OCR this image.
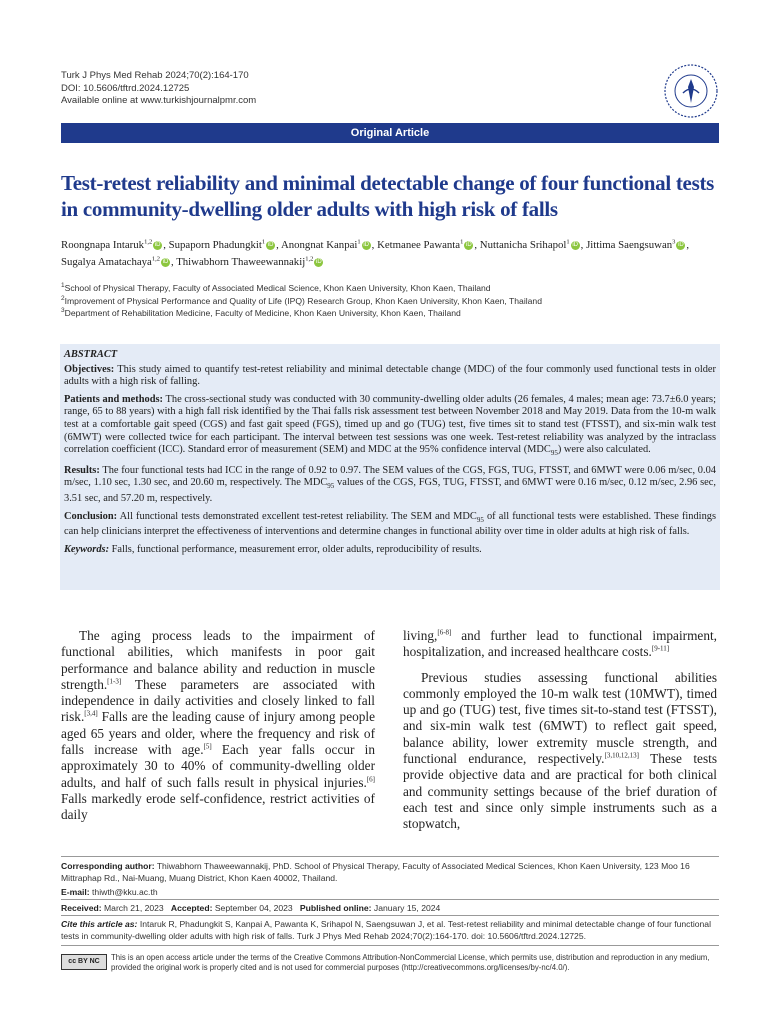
Turk J Phys Med Rehab 2024;70(2):164-170
DOI: 10.5606/tftrd.2024.12725
Available online at www.turkishjournalpmr.com
Original Article
Test-retest reliability and minimal detectable change of four functional tests in community-dwelling older adults with high risk of falls
Roongnapa Intaruk$^{1,2}$ iD , Supaporn Phadungkit$^1$ iD , Anongnat Kanpai$^1$ iD , Ketmanee Pawanta$^1$ iD , Nuttanicha Srihapol$^1$ iD , Jittima Saengsuwan$^3$ iD , Sugalya Amatachaya$^{1,2}$ iD , Thiwabhorn Thaweewannakij$^{1,2}$ iD
$^1$School of Physical Therapy, Faculty of Associated Medical Science, Khon Kaen University, Khon Kaen, Thailand
$^2$Improvement of Physical Performance and Quality of Life (IPQ) Research Group, Khon Kaen University, Khon Kaen, Thailand
$^3$Department of Rehabilitation Medicine, Faculty of Medicine, Khon Kaen University, Khon Kaen, Thailand

ABSTRACT

Objectives: This study aimed to quantify test-retest reliability and minimal detectable change (MDC) of the four commonly used functional tests in older adults with a high risk of falling.

Patients and methods: The cross-sectional study was conducted with 30 community-dwelling older adults (26 females, 4 males; mean age: 73.7±6.0 years; range, 65 to 88 years) with a high fall risk identified by the Thai falls risk assessment test between November 2018 and May 2019. Data from the 10-m walk test at a comfortable gait speed (CGS) and fast gait speed (FGS), timed up and go (TUG) test, five times sit to stand test (FTSST), and six-min walk test (6MWT) were collected twice for each participant. The interval between test sessions was one week. Test-retest reliability was analyzed by the intraclass correlation coefficient (ICC). Standard error of measurement (SEM) and MDC at the 95% confidence interval $(MDC_{95})$ were also calculated.

Results: The four functional tests had ICC in the range of 0.92 to 0.97. The SEM values of the CGS, FGS, TUG, FTSST, and 6MWT were 0.06 m/sec, 0.04 m/sec, 1.10 sec, 1.30 sec, and 20.60 m, respectively. The $MDC_{95}$ values of the CGS, FGS, TUG, FTSST, and 6MWT were 0.16 m/sec, 0.12 m/sec, 2.96 sec, 3.51 sec, and 57.20 m, respectively.

Conclusion: All functional tests demonstrated excellent test-retest reliability. The SEM and $MDC_{95}$ of all functional tests were established. These findings can help clinicians interpret the effectiveness of interventions and determine changes in functional ability over time in older adults at high risk of falls.

Keywords: Falls, functional performance, measurement error, older adults, reproducibility of results.

The aging process leads to the impairment of functional abilities, which manifests in poor gait performance and balance ability and reduction in muscle strength.[1-3] These parameters are associated with independence in daily activities and closely linked to fall risk.[3,4] Falls are the leading cause of injury among people aged 65 years and older, where the frequency and risk of falls increase with age.[5] Each year falls occur in approximately 30 to 40% of community-dwelling older adults, and half of such falls result in physical injuries.[6] Falls markedly erode self-confidence, restrict activities of daily

living,[6-8] and further lead to functional impairment, hospitalization, and increased healthcare costs.[9-11]

Previous studies assessing functional abilities commonly employed the 10-m walk test (10MWT), timed up and go (TUG) test, five times sit-to-stand test (FTSST), and six-min walk test (6MWT) to reflect gait speed, balance ability, lower extremity muscle strength, and functional endurance, respectively.[3,10,12,13] These tests provide objective data and are practical for both clinical and community settings because of the brief duration of each test and since only simple instruments such as a stopwatch,

Corresponding author: Thiwabhorn Thaweewannakij, PhD. School of Physical Therapy, Faculty of Associated Medical Sciences, Khon Kaen University, 123 Moo 16 Mittraphap Rd., Nai-Muang, Muang District, Khon Kaen 40002, Thailand.
E-mail: thiwth@kku.ac.th
Received: March 21, 2023 Accepted: September 04, 2023 Published online: January 15, 2024
Cite this article as: Intaruk R, Phadungkit S, Kanpai A, Pawanta K, Srihapol N, Saengsuwan J, et al. Test-retest reliability and minimal detectable change of four functional tests in community-dwelling older adults with high risk of falls. Turk J Phys Med Rehab 2024;70(2):164-170. doi: 10.5606/tftrd.2024.12725.
cc BY NC	This is an open access article under the terms of the Creative Commons Attribution-NonCommercial License, which permits use, distribution and reproduction in any medium,
provided the original work is properly cited and is not used for commercial purposes (http://creativecommons.org/licenses/by-nc/4.0/).
